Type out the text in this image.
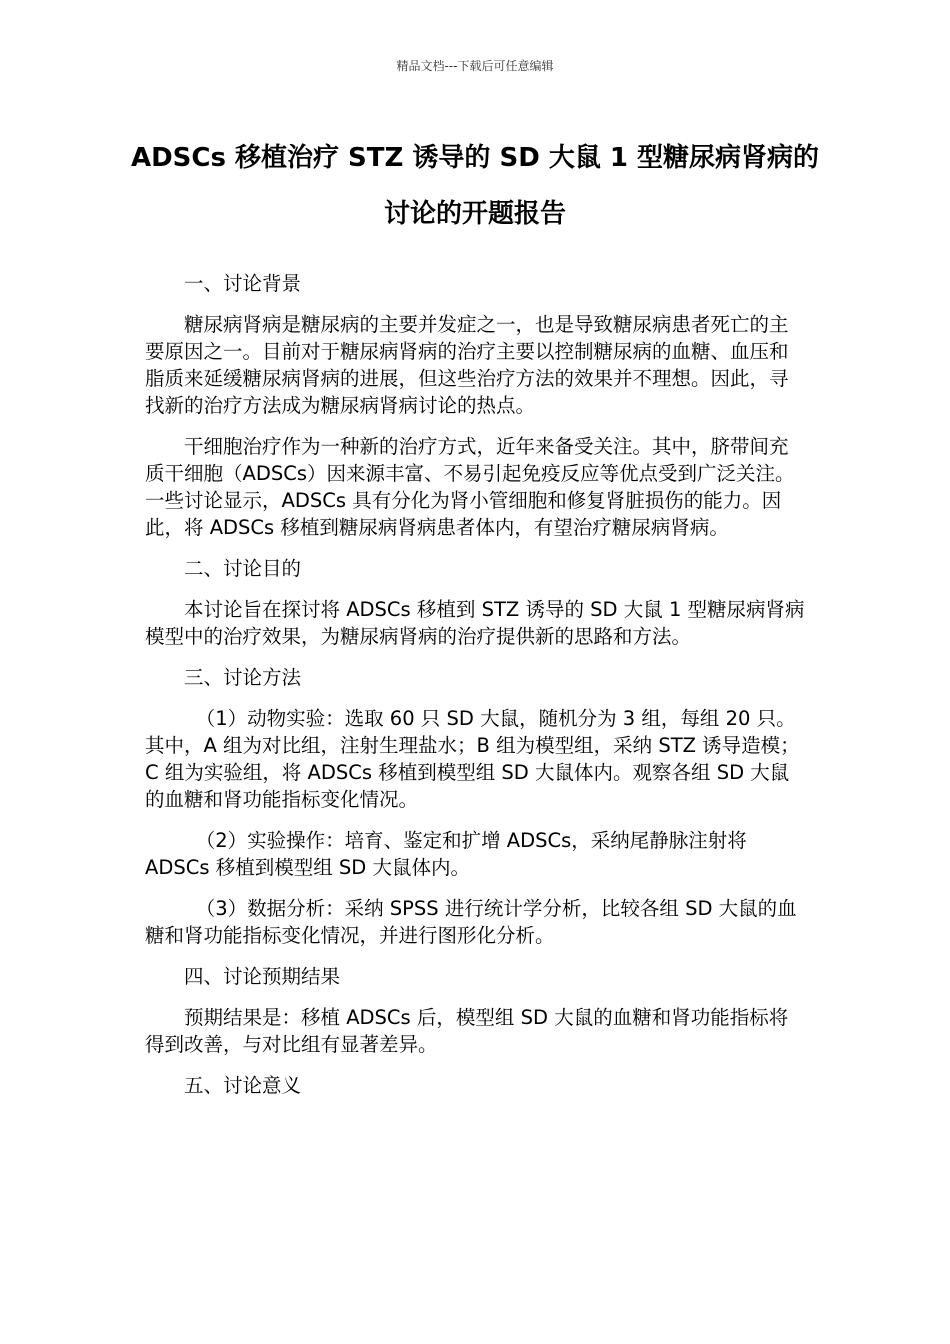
精品文档---下载后可任意编辑
ADSCs 移植治疗 STZ 诱导的 SD 大鼠 1 型糖尿病肾病的讨论的开题报告

一、讨论背景

糖尿病肾病是糖尿病的主要并发症之一，也是导致糖尿病患者死亡的主要原因之一。目前对于糖尿病肾病的治疗主要以控制糖尿病的血糖、血压和脂质来延缓糖尿病肾病的进展，但这些治疗方法的效果并不理想。因此，寻找新的治疗方法成为糖尿病肾病讨论的热点。

干细胞治疗作为一种新的治疗方式，近年来备受关注。其中，脐带间充质干细胞（ADSCs）因来源丰富、不易引起免疫反应等优点受到广泛关注。一些讨论显示，ADSCs 具有分化为肾小管细胞和修复肾脏损伤的能力。因此，将 ADSCs 移植到糖尿病肾病患者体内，有望治疗糖尿病肾病。

二、讨论目的

本讨论旨在探讨将 ADSCs 移植到 STZ 诱导的 SD 大鼠 1 型糖尿病肾病模型中的治疗效果，为糖尿病肾病的治疗提供新的思路和方法。

三、讨论方法

（1）动物实验：选取 60 只 SD 大鼠，随机分为 3 组，每组 20 只。其中，A 组为对比组，注射生理盐水；B 组为模型组，采纳 STZ 诱导造模；C 组为实验组，将 ADSCs 移植到模型组 SD 大鼠体内。观察各组 SD 大鼠的血糖和肾功能指标变化情况。

（2）实验操作：培育、鉴定和扩增 ADSCs，采纳尾静脉注射将 ADSCs 移植到模型组 SD 大鼠体内。

（3）数据分析：采纳 SPSS 进行统计学分析，比较各组 SD 大鼠的血糖和肾功能指标变化情况，并进行图形化分析。

四、讨论预期结果

预期结果是：移植 ADSCs 后，模型组 SD 大鼠的血糖和肾功能指标将得到改善，与对比组有显著差异。

五、讨论意义
